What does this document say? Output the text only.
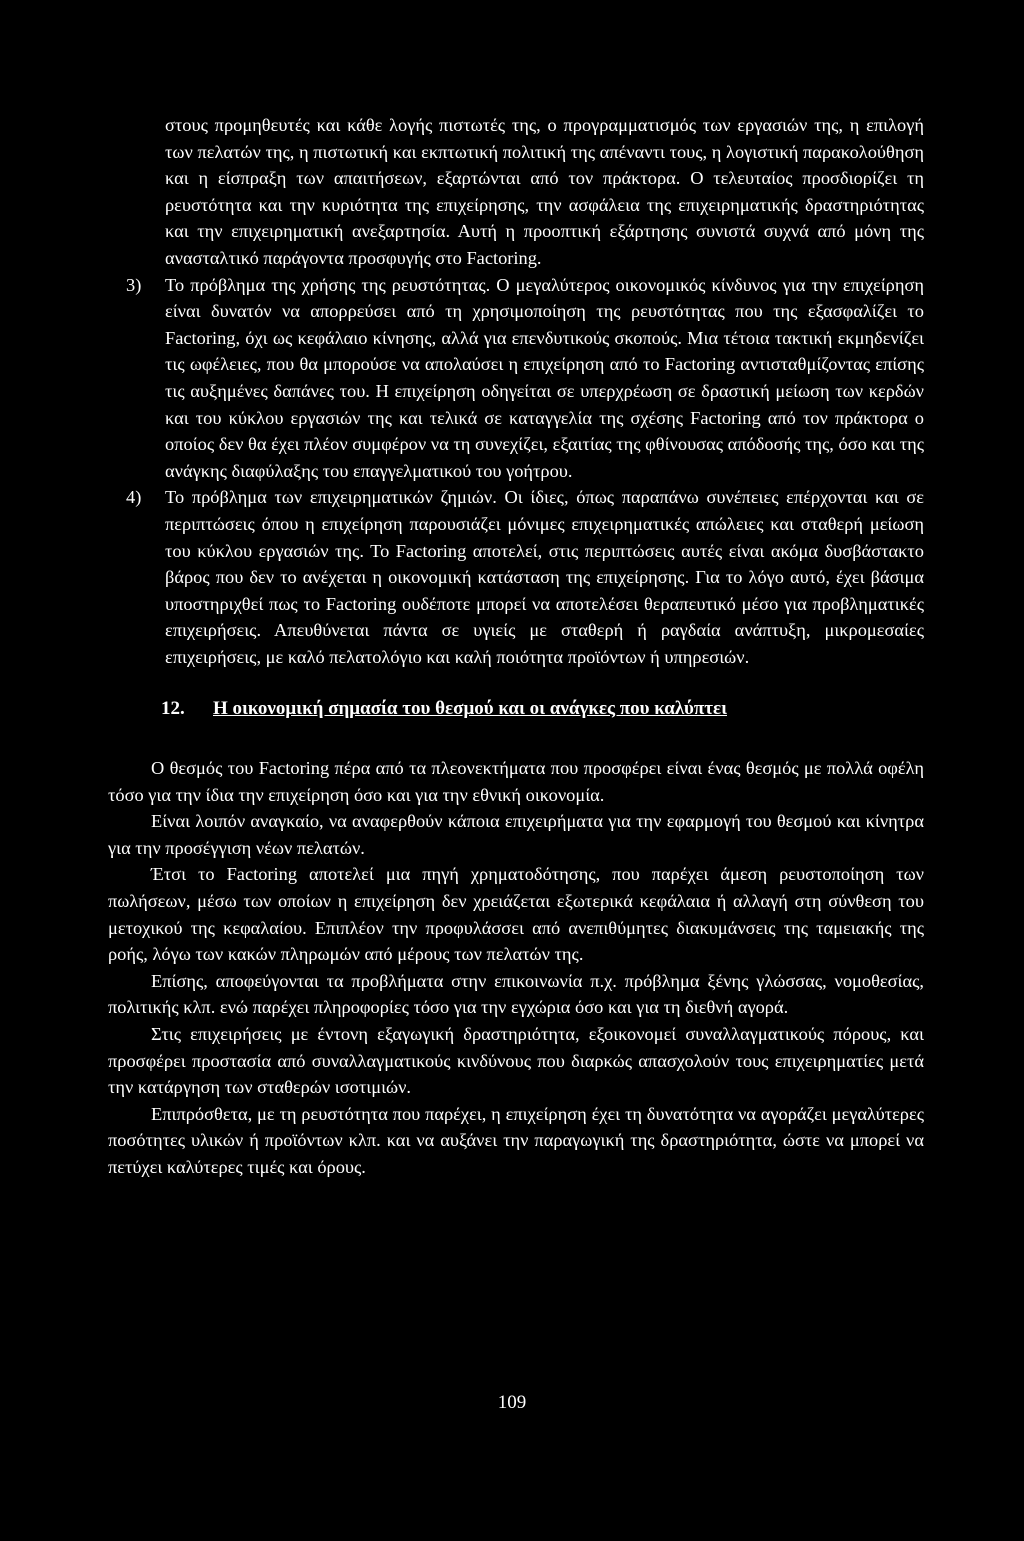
στους προμηθευτές και κάθε λογής πιστωτές της, ο προγραμματισμός των εργασιών της, η επιλογή των πελατών της, η πιστωτική και εκπτωτική πολιτική της απέναντι τους, η λογιστική παρακολούθηση και η είσπραξη των απαιτήσεων, εξαρτώνται από τον πράκτορα. Ο τελευταίος προσδιορίζει τη ρευστότητα και την κυριότητα της επιχείρησης, την ασφάλεια της επιχειρηματικής δραστηριότητας και την επιχειρηματική ανεξαρτησία. Αυτή η προοπτική εξάρτησης συνιστά συχνά από μόνη της ανασταλτικό παράγοντα προσφυγής στο Factoring.

3) Το πρόβλημα της χρήσης της ρευστότητας. Ο μεγαλύτερος οικονομικός κίνδυνος για την επιχείρηση είναι δυνατόν να απορρεύσει από τη χρησιμοποίηση της ρευστότητας που της εξασφαλίζει το Factoring, όχι ως κεφάλαιο κίνησης, αλλά για επενδυτικούς σκοπούς. Μια τέτοια τακτική εκμηδενίζει τις ωφέλειες, που θα μπορούσε να απολαύσει η επιχείρηση από το Factoring αντισταθμίζοντας επίσης τις αυξημένες δαπάνες του. Η επιχείρηση οδηγείται σε υπερχρέωση σε δραστική μείωση των κερδών και του κύκλου εργασιών της και τελικά σε καταγγελία της σχέσης Factoring από τον πράκτορα ο οποίος δεν θα έχει πλέον συμφέρον να τη συνεχίζει, εξαιτίας της φθίνουσας απόδοσής της, όσο και της ανάγκης διαφύλαξης του επαγγελματικού του γοήτρου.

4) Το πρόβλημα των επιχειρηματικών ζημιών. Οι ίδιες, όπως παραπάνω συνέπειες επέρχονται και σε περιπτώσεις όπου η επιχείρηση παρουσιάζει μόνιμες επιχειρηματικές απώλειες και σταθερή μείωση του κύκλου εργασιών της. Το Factoring αποτελεί, στις περιπτώσεις αυτές είναι ακόμα δυσβάστακτο βάρος που δεν το ανέχεται η οικονομική κατάσταση της επιχείρησης. Για το λόγο αυτό, έχει βάσιμα υποστηριχθεί πως το Factoring ουδέποτε μπορεί να αποτελέσει θεραπευτικό μέσο για προβληματικές επιχειρήσεις. Απευθύνεται πάντα σε υγιείς με σταθερή ή ραγδαία ανάπτυξη, μικρομεσαίες επιχειρήσεις, με καλό πελατολόγιο και καλή ποιότητα προϊόντων ή υπηρεσιών.

12. Η οικονομική σημασία του θεσμού και οι ανάγκες που καλύπτει

Ο θεσμός του Factoring πέρα από τα πλεονεκτήματα που προσφέρει είναι ένας θεσμός με πολλά οφέλη τόσο για την ίδια την επιχείρηση όσο και για την εθνική οικονομία.

Είναι λοιπόν αναγκαίο, να αναφερθούν κάποια επιχειρήματα για την εφαρμογή του θεσμού και κίνητρα για την προσέγγιση νέων πελατών.

Έτσι το Factoring αποτελεί μια πηγή χρηματοδότησης, που παρέχει άμεση ρευστοποίηση των πωλήσεων, μέσω των οποίων η επιχείρηση δεν χρειάζεται εξωτερικά κεφάλαια ή αλλαγή στη σύνθεση του μετοχικού της κεφαλαίου. Επιπλέον την προφυλάσσει από ανεπιθύμητες διακυμάνσεις της ταμειακής της ροής, λόγω των κακών πληρωμών από μέρους των πελατών της.

Επίσης, αποφεύγονται τα προβλήματα στην επικοινωνία π.χ. πρόβλημα ξένης γλώσσας, νομοθεσίας, πολιτικής κλπ. ενώ παρέχει πληροφορίες τόσο για την εγχώρια όσο και για τη διεθνή αγορά.

Στις επιχειρήσεις με έντονη εξαγωγική δραστηριότητα, εξοικονομεί συναλλαγματικούς πόρους, και προσφέρει προστασία από συναλλαγματικούς κινδύνους που διαρκώς απασχολούν τους επιχειρηματίες μετά την κατάργηση των σταθερών ισοτιμιών.

Επιπρόσθετα, με τη ρευστότητα που παρέχει, η επιχείρηση έχει τη δυνατότητα να αγοράζει μεγαλύτερες ποσότητες υλικών ή προϊόντων κλπ. και να αυξάνει την παραγωγική της δραστηριότητα, ώστε να μπορεί να πετύχει καλύτερες τιμές και όρους.

109
